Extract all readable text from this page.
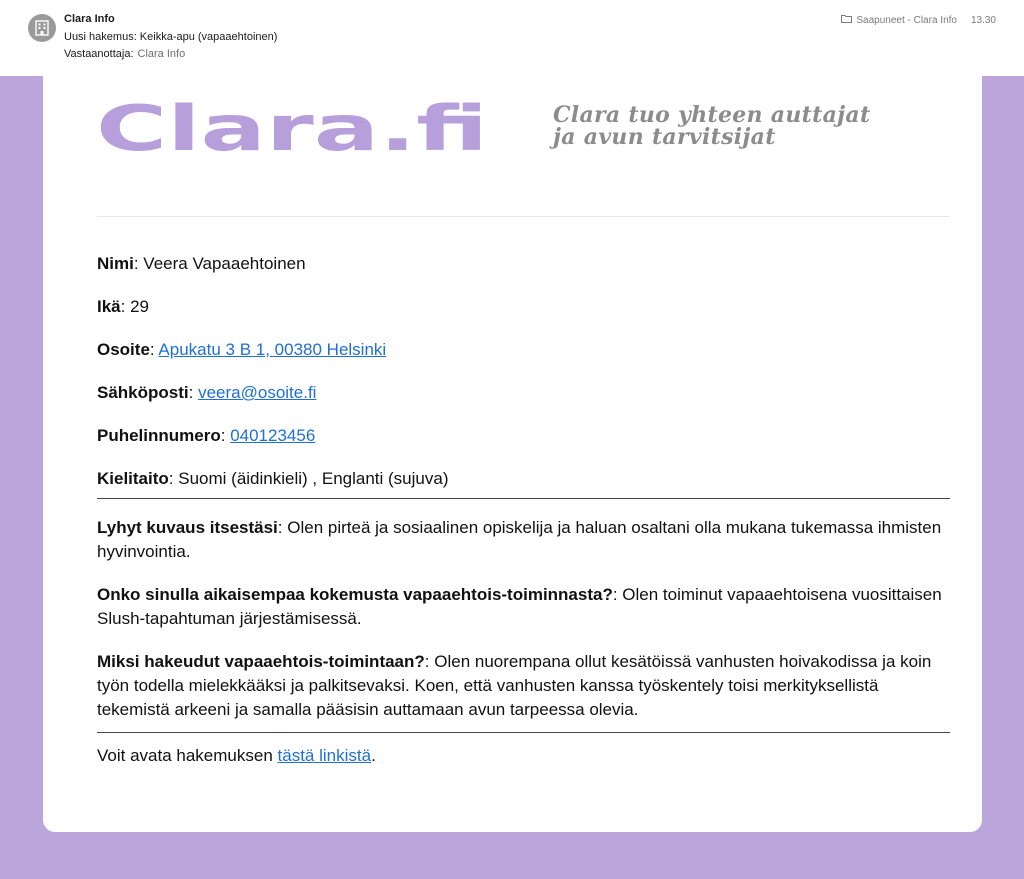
Clara Info
Uusi hakemus: Keikka-apu (vapaaehtoinen)
Vastaanottaja: Clara Info
Saapuneet - Clara Info 13.30
Clara.fi	Clara tuo yhteen auttajat
ja avun tarvitsijat
Nimi: Veera Vapaaehtoinen
Ikä: 29
Osoite: Apukatu 3 B 1, 00380 Helsinki
Sähköposti: veera@osoite.fi
Puhelinnumero: 040123456
Kielitaito: Suomi (äidinkieli) , Englanti (sujuva)
Lyhyt kuvaus itsestäsi: Olen pirteä ja sosiaalinen opiskelija ja haluan osaltani olla mukana tukemassa ihmisten hyvinvointia.
Onko sinulla aikaisempaa kokemusta vapaaehtois-toiminnasta?: Olen toiminut vapaaehtoisena vuosittaisen Slush-tapahtuman järjestämisessä.
Miksi hakeudut vapaaehtois-toimintaan?: Olen nuorempana ollut kesätöissä vanhusten hoivakodissa ja koin työn todella mielekkääksi ja palkitsevaksi. Koen, että vanhusten kanssa työskentely toisi merkityksellistä tekemistä arkeeni ja samalla pääsisin auttamaan avun tarpeessa olevia.
Voit avata hakemuksen tästä linkistä.
HelpingApp ry
